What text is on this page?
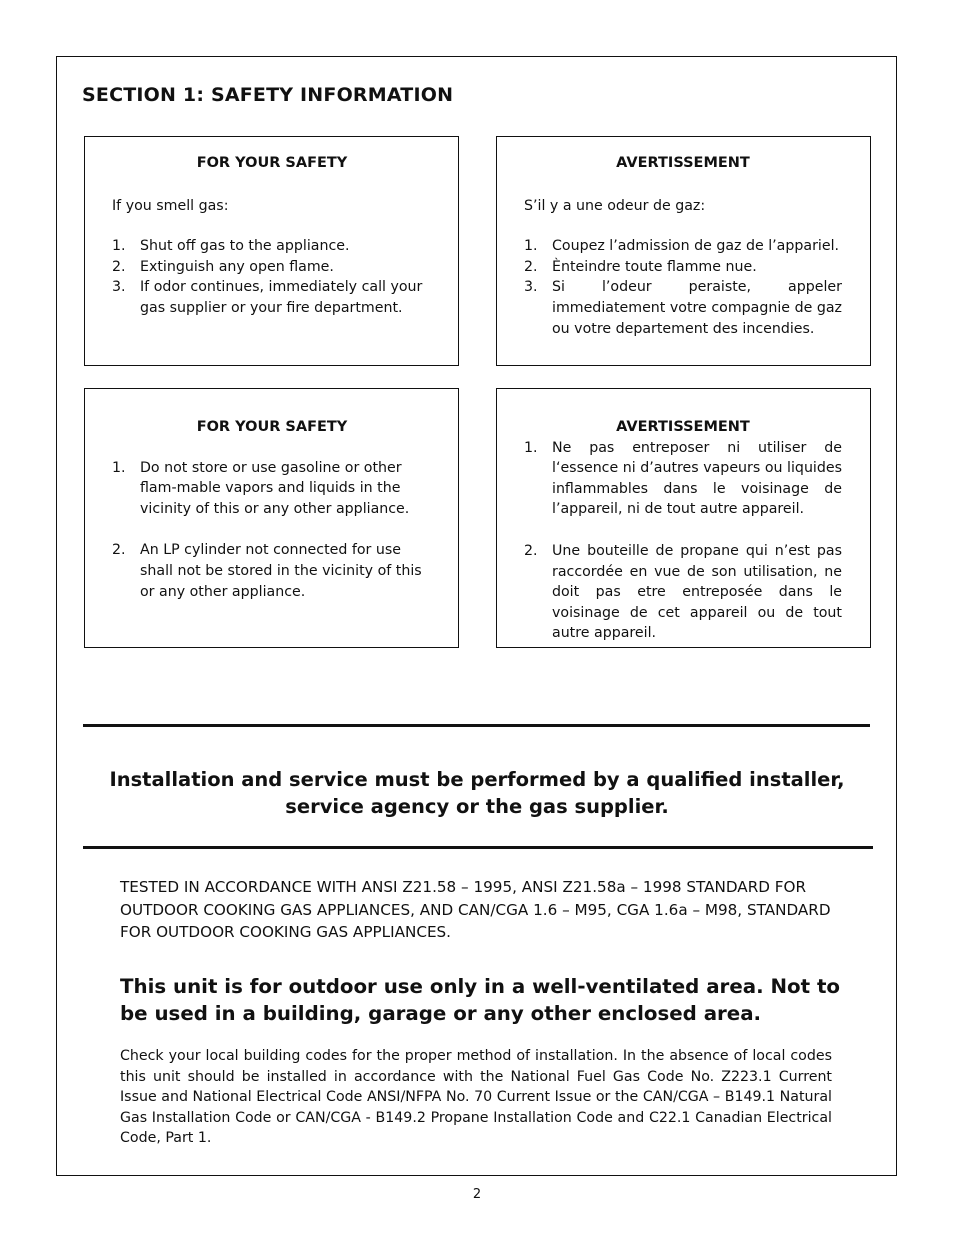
SECTION 1: SAFETY INFORMATION

FOR YOUR SAFETY

If you smell gas:

1. Shut off gas to the appliance.
2. Extinguish any open flame.
3. If odor continues, immediately call your gas supplier or your fire department.

AVERTISSEMENT

S’il y a une odeur de gaz:

1. Coupez l’admission de gaz de l’appariel.
2. Ènteindre toute flamme nue.
3. Si l’odeur peraiste, appeler immediatement votre compagnie de gaz ou votre departement des incendies.

FOR YOUR SAFETY

1. Do not store or use gasoline or other flam-mable vapors and liquids in the vicinity of this or any other appliance.
2. An LP cylinder not connected for use shall not be stored in the vicinity of this or any other appliance.

AVERTISSEMENT

1. Ne pas entreposer ni utiliser de l‘essence ni d’autres vapeurs ou liquides inflammables dans le voisinage de l’appareil, ni de tout autre appareil.
2. Une bouteille de propane qui n’est pas raccordée en vue de son utilisation, ne doit pas etre entreposée dans le voisinage de cet appareil ou de tout autre appareil.

Installation and service must be performed by a qualified installer,
service agency or the gas supplier.

TESTED IN ACCORDANCE WITH ANSI Z21.58 – 1995, ANSI Z21.58a – 1998 STANDARD FOR OUTDOOR COOKING GAS APPLIANCES, AND CAN/CGA 1.6 – M95, CGA 1.6a – M98, STANDARD FOR OUTDOOR COOKING GAS APPLIANCES.

This unit is for outdoor use only in a well-ventilated area. Not to be used in a building, garage or any other enclosed area.

Check your local building codes for the proper method of installation. In the absence of local codes this unit should be installed in accordance with the National Fuel Gas Code No. Z223.1 Current Issue and National Electrical Code ANSI/NFPA No. 70 Current Issue or the CAN/CGA – B149.1 Natural Gas Installation Code or CAN/CGA - B149.2 Propane Installation Code and C22.1 Canadian Electrical Code, Part 1.

2
